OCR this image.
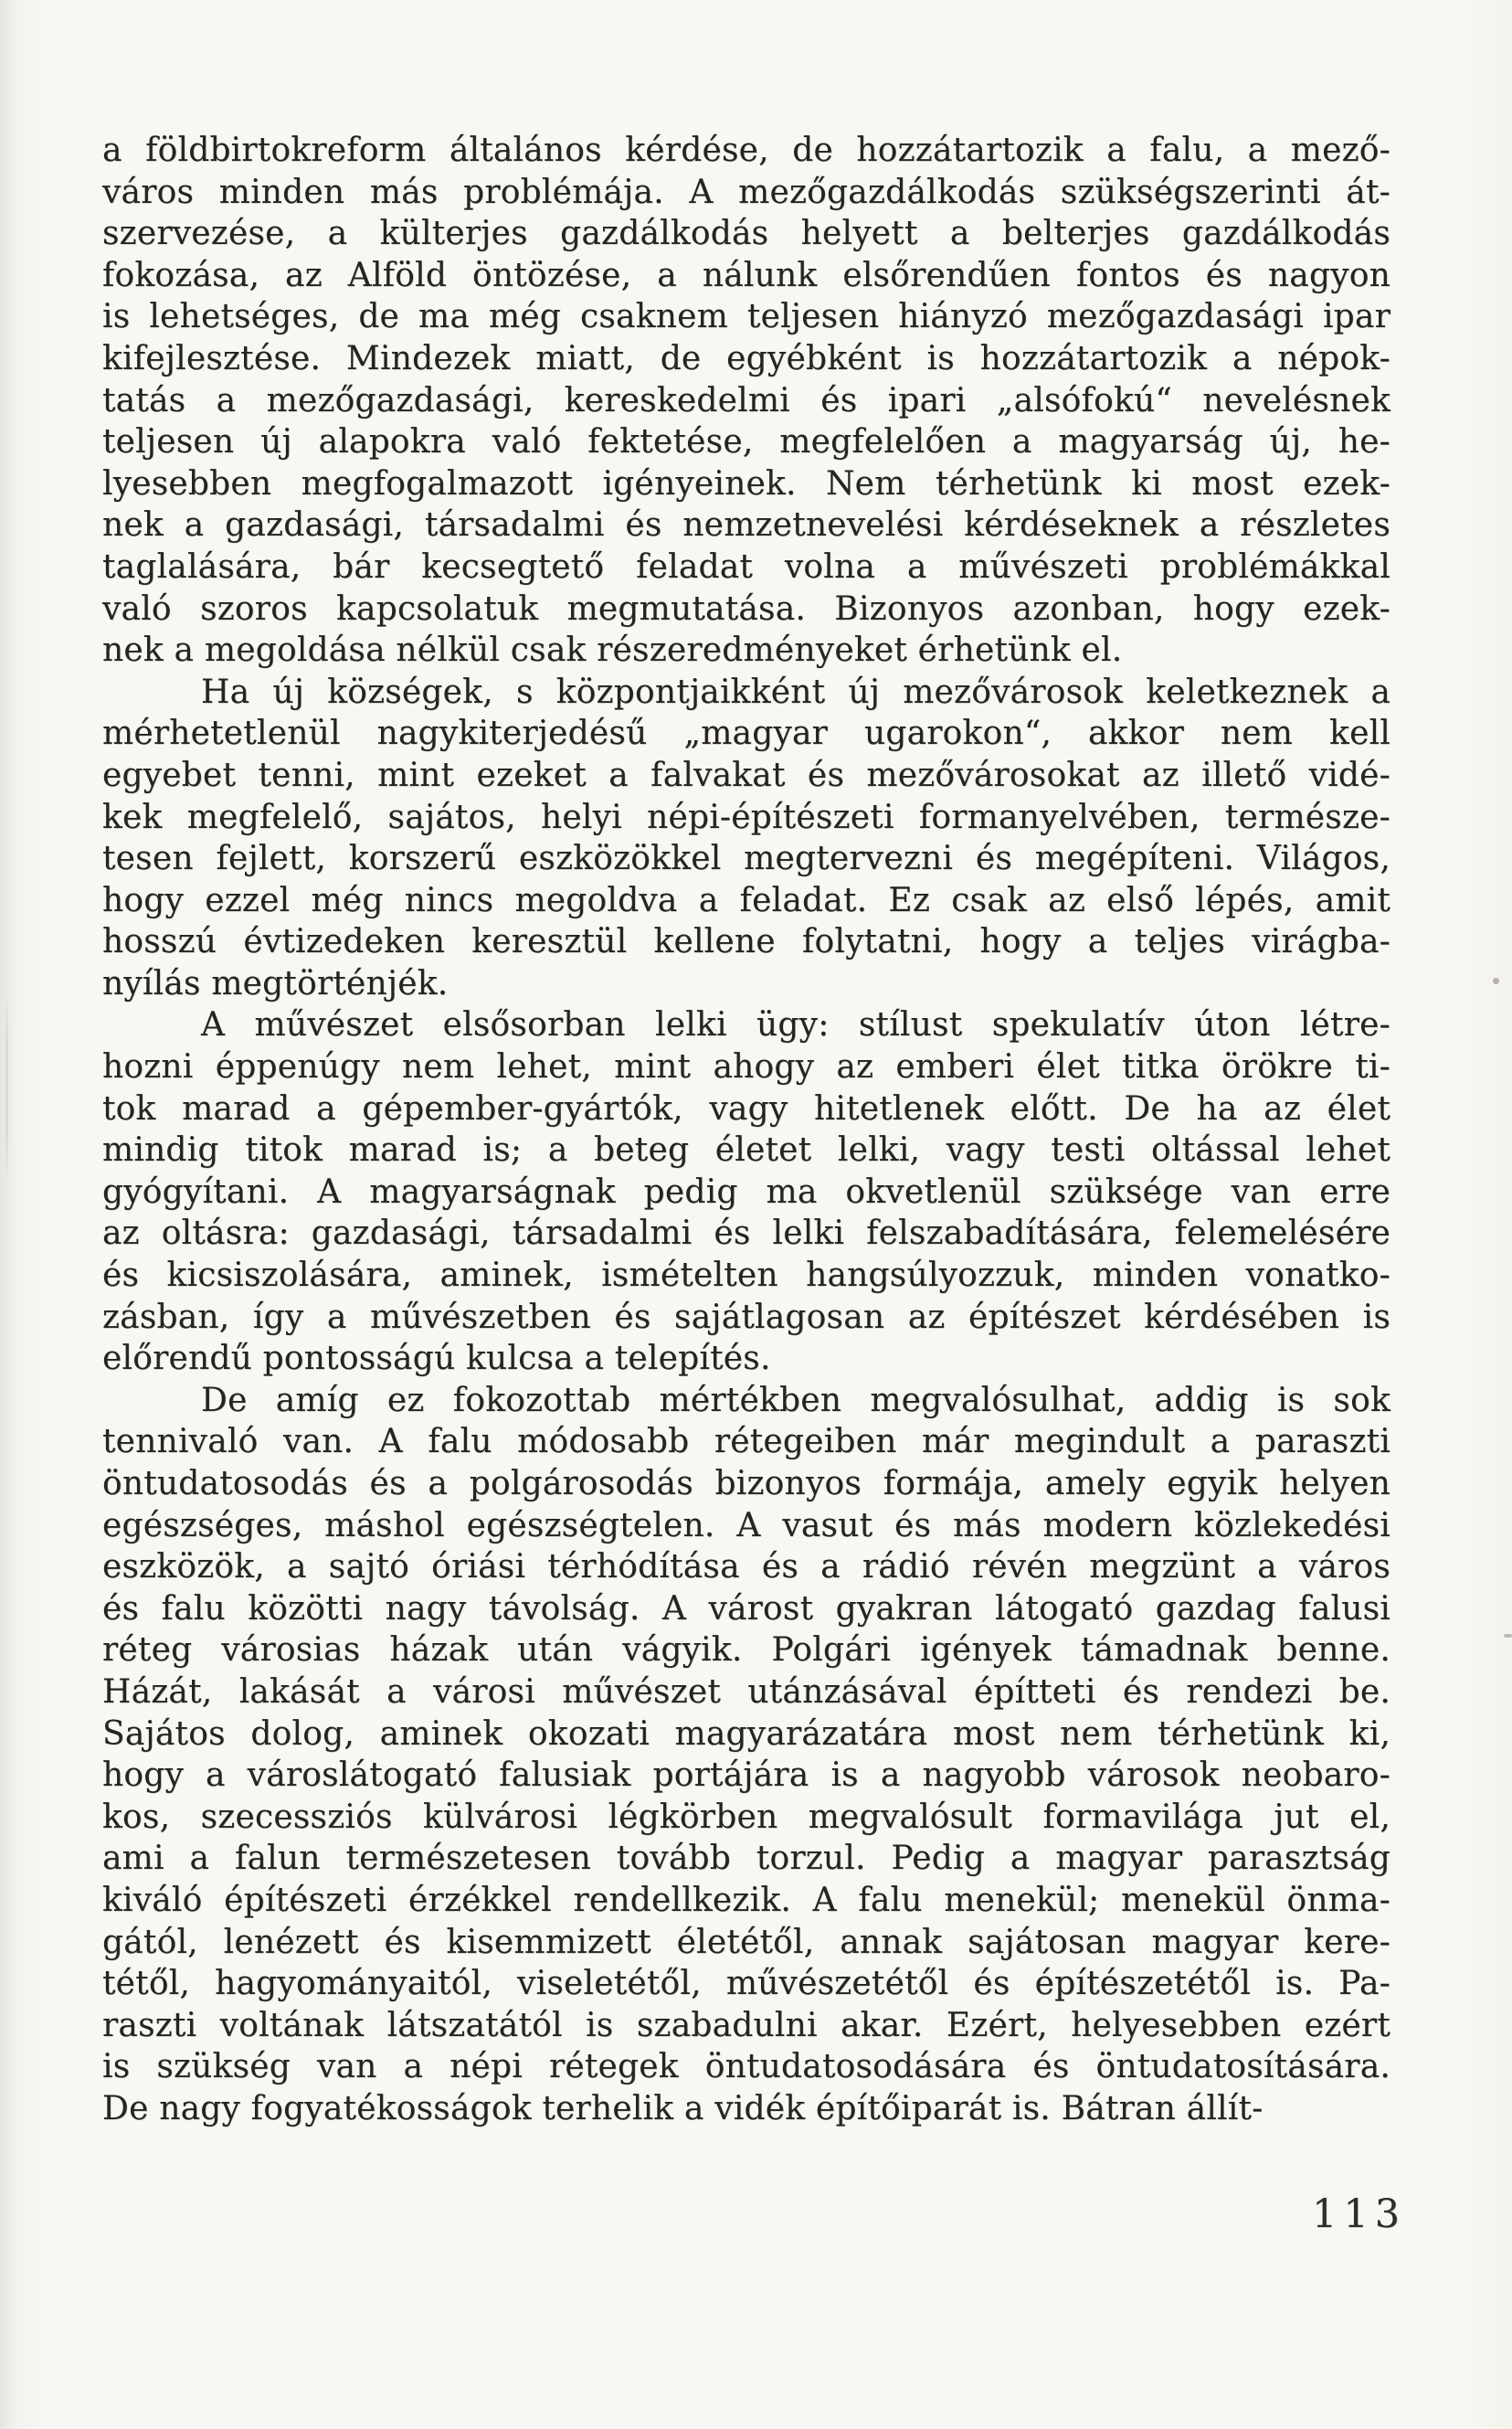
a földbirtokreform általános kérdése, de hozzátartozik a falu, a mező-
város minden más problémája. A mezőgazdálkodás szükségszerinti át-
szervezése, a külterjes gazdálkodás helyett a belterjes gazdálkodás
fokozása, az Alföld öntözése, a nálunk elsőrendűen fontos és nagyon
is lehetséges, de ma még csaknem teljesen hiányzó mezőgazdasági ipar
kifejlesztése. Mindezek miatt, de egyébként is hozzátartozik a népok-
tatás a mezőgazdasági, kereskedelmi és ipari „alsófokú“ nevelésnek
teljesen új alapokra való fektetése, megfelelően a magyarság új, he-
lyesebben megfogalmazott igényeinek. Nem térhetünk ki most ezek-
nek a gazdasági, társadalmi és nemzetnevelési kérdéseknek a részletes
taglalására, bár kecsegtető feladat volna a művészeti problémákkal
való szoros kapcsolatuk megmutatása. Bizonyos azonban, hogy ezek-
nek a megoldása nélkül csak részeredményeket érhetünk el.
Ha új községek, s központjaikként új mezővárosok keletkeznek a
mérhetetlenül nagykiterjedésű „magyar ugarokon“, akkor nem kell
egyebet tenni, mint ezeket a falvakat és mezővárosokat az illető vidé-
kek megfelelő, sajátos, helyi népi-építészeti formanyelvében, természe-
tesen fejlett, korszerű eszközökkel megtervezni és megépíteni. Világos,
hogy ezzel még nincs megoldva a feladat. Ez csak az első lépés, amit
hosszú évtizedeken keresztül kellene folytatni, hogy a teljes virágba-
nyílás megtörténjék.
A művészet elsősorban lelki ügy: stílust spekulatív úton létre-
hozni éppenúgy nem lehet, mint ahogy az emberi élet titka örökre ti-
tok marad a gépember-gyártók, vagy hitetlenek előtt. De ha az élet
mindig titok marad is; a beteg életet lelki, vagy testi oltással lehet
gyógyítani. A magyarságnak pedig ma okvetlenül szüksége van erre
az oltásra: gazdasági, társadalmi és lelki felszabadítására, felemelésére
és kicsiszolására, aminek, ismételten hangsúlyozzuk, minden vonatko-
zásban, így a művészetben és sajátlagosan az építészet kérdésében is
előrendű pontosságú kulcsa a telepítés.
De amíg ez fokozottab mértékben megvalósulhat, addig is sok
tennivaló van. A falu módosabb rétegeiben már megindult a paraszti
öntudatosodás és a polgárosodás bizonyos formája, amely egyik helyen
egészséges, máshol egészségtelen. A vasut és más modern közlekedési
eszközök, a sajtó óriási térhódítása és a rádió révén megzünt a város
és falu közötti nagy távolság. A várost gyakran látogató gazdag falusi
réteg városias házak után vágyik. Polgári igények támadnak benne.
Házát, lakását a városi művészet utánzásával építteti és rendezi be.
Sajátos dolog, aminek okozati magyarázatára most nem térhetünk ki,
hogy a városlátogató falusiak portájára is a nagyobb városok neobaro-
kos, szecessziós külvárosi légkörben megvalósult formavilága jut el,
ami a falun természetesen tovább torzul. Pedig a magyar parasztság
kiváló építészeti érzékkel rendellkezik. A falu menekül; menekül önma-
gától, lenézett és kisemmizett életétől, annak sajátosan magyar kere-
tétől, hagyományaitól, viseletétől, művészetétől és építészetétől is. Pa-
raszti voltának látszatától is szabadulni akar. Ezért, helyesebben ezért
is szükség van a népi rétegek öntudatosodására és öntudatosítására.
De nagy fogyatékosságok terhelik a vidék építőiparát is. Bátran állít-
113
